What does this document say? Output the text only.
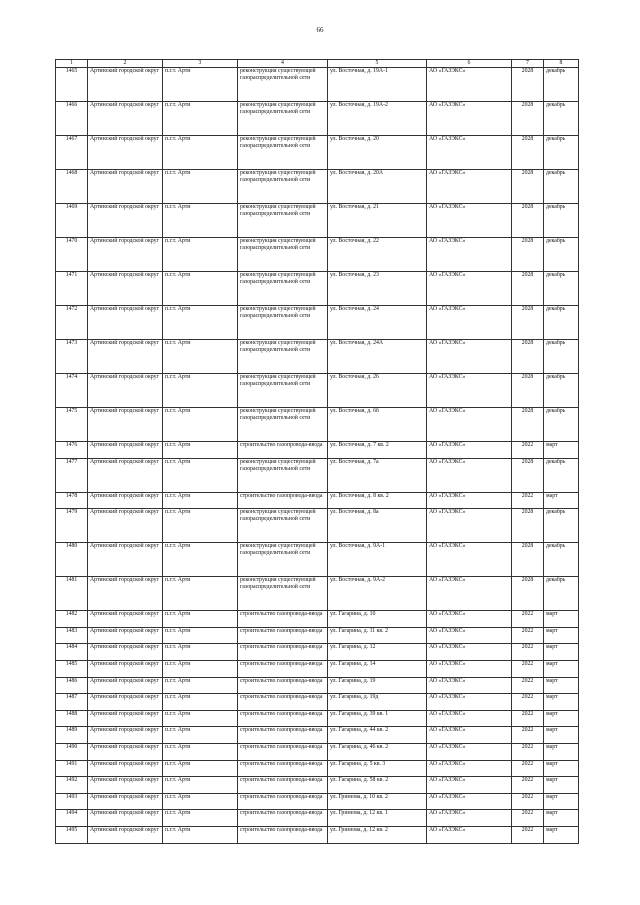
66
1	2	3	4	5	6	7	8
1465	Артинский городской округ	п.г.т. Арти	реконструкция существующей газораспределительной сети	ул. Восточная, д. 19А-1	АО «ГАЗЭКС»	2028	декабрь
1466	Артинский городской округ	п.г.т. Арти	реконструкция существующей газораспределительной сети	ул. Восточная, д. 19А-2	АО «ГАЗЭКС»	2028	декабрь
1467	Артинский городской округ	п.г.т. Арти	реконструкция существующей газораспределительной сети	ул. Восточная, д. 20	АО «ГАЗЭКС»	2028	декабрь
1468	Артинский городской округ	п.г.т. Арти	реконструкция существующей газораспределительной сети	ул. Восточная, д. 20А	АО «ГАЗЭКС»	2028	декабрь
1469	Артинский городской округ	п.г.т. Арти	реконструкция существующей газораспределительной сети	ул. Восточная, д. 21	АО «ГАЗЭКС»	2028	декабрь
1470	Артинский городской округ	п.г.т. Арти	реконструкция существующей газораспределительной сети	ул. Восточная, д. 22	АО «ГАЗЭКС»	2028	декабрь
1471	Артинский городской округ	п.г.т. Арти	реконструкция существующей газораспределительной сети	ул. Восточная, д. 23	АО «ГАЗЭКС»	2028	декабрь
1472	Артинский городской округ	п.г.т. Арти	реконструкция существующей газораспределительной сети	ул. Восточная, д. 24	АО «ГАЗЭКС»	2028	декабрь
1473	Артинский городской округ	п.г.т. Арти	реконструкция существующей газораспределительной сети	ул. Восточная, д. 24А	АО «ГАЗЭКС»	2028	декабрь
1474	Артинский городской округ	п.г.т. Арти	реконструкция существующей газораспределительной сети	ул. Восточная, д. 26	АО «ГАЗЭКС»	2028	декабрь
1475	Артинский городской округ	п.г.т. Арти	реконструкция существующей газораспределительной сети	ул. Восточная, д. 6б	АО «ГАЗЭКС»	2028	декабрь
1476	Артинский городской округ	п.г.т. Арти	строительство газопровода-ввода	ул. Восточная, д. 7 кв. 2	АО «ГАЗЭКС»	2022	март
1477	Артинский городской округ	п.г.т. Арти	реконструкция существующей газораспределительной сети	ул. Восточная, д. 7а	АО «ГАЗЭКС»	2028	декабрь
1478	Артинский городской округ	п.г.т. Арти	строительство газопровода-ввода	ул. Восточная, д. 8 кв. 2	АО «ГАЗЭКС»	2022	март
1479	Артинский городской округ	п.г.т. Арти	реконструкция существующей газораспределительной сети	ул. Восточная, д. 8а	АО «ГАЗЭКС»	2028	декабрь
1480	Артинский городской округ	п.г.т. Арти	реконструкция существующей газораспределительной сети	ул. Восточная, д. 9А-1	АО «ГАЗЭКС»	2028	декабрь
1481	Артинский городской округ	п.г.т. Арти	реконструкция существующей газораспределительной сети	ул. Восточная, д. 9А-2	АО «ГАЗЭКС»	2028	декабрь
1482	Артинский городской округ	п.г.т. Арти	строительство газопровода-ввода	ул. Гагарина, д. 10	АО «ГАЗЭКС»	2022	март
1483	Артинский городской округ	п.г.т. Арти	строительство газопровода-ввода	ул. Гагарина, д. 11 кв. 2	АО «ГАЗЭКС»	2022	март
1484	Артинский городской округ	п.г.т. Арти	строительство газопровода-ввода	ул. Гагарина, д. 12	АО «ГАЗЭКС»	2022	март
1485	Артинский городской округ	п.г.т. Арти	строительство газопровода-ввода	ул. Гагарина, д. 14	АО «ГАЗЭКС»	2022	март
1486	Артинский городской округ	п.г.т. Арти	строительство газопровода-ввода	ул. Гагарина, д. 19	АО «ГАЗЭКС»	2022	март
1487	Артинский городской округ	п.г.т. Арти	строительство газопровода-ввода	ул. Гагарина, д. 19д	АО «ГАЗЭКС»	2022	март
1488	Артинский городской округ	п.г.т. Арти	строительство газопровода-ввода	ул. Гагарина, д. 39 кв. 1	АО «ГАЗЭКС»	2022	март
1489	Артинский городской округ	п.г.т. Арти	строительство газопровода-ввода	ул. Гагарина, д. 44 кв. 2	АО «ГАЗЭКС»	2022	март
1490	Артинский городской округ	п.г.т. Арти	строительство газопровода-ввода	ул. Гагарина, д. 46 кв. 2	АО «ГАЗЭКС»	2022	март
1491	Артинский городской округ	п.г.т. Арти	строительство газопровода-ввода	ул. Гагарина, д. 5 кв. 3	АО «ГАЗЭКС»	2022	март
1492	Артинский городской округ	п.г.т. Арти	строительство газопровода-ввода	ул. Гагарина, д. 58 кв. 2	АО «ГАЗЭКС»	2022	март
1493	Артинский городской округ	п.г.т. Арти	строительство газопровода-ввода	ул. Грязнова, д. 10 кв. 2	АО «ГАЗЭКС»	2022	март
1494	Артинский городской округ	п.г.т. Арти	строительство газопровода-ввода	ул. Грязнова, д. 12 кв. 1	АО «ГАЗЭКС»	2022	март
1495	Артинский городской округ	п.г.т. Арти	строительство газопровода-ввода	ул. Грязнова, д. 12 кв. 2	АО «ГАЗЭКС»	2022	март
